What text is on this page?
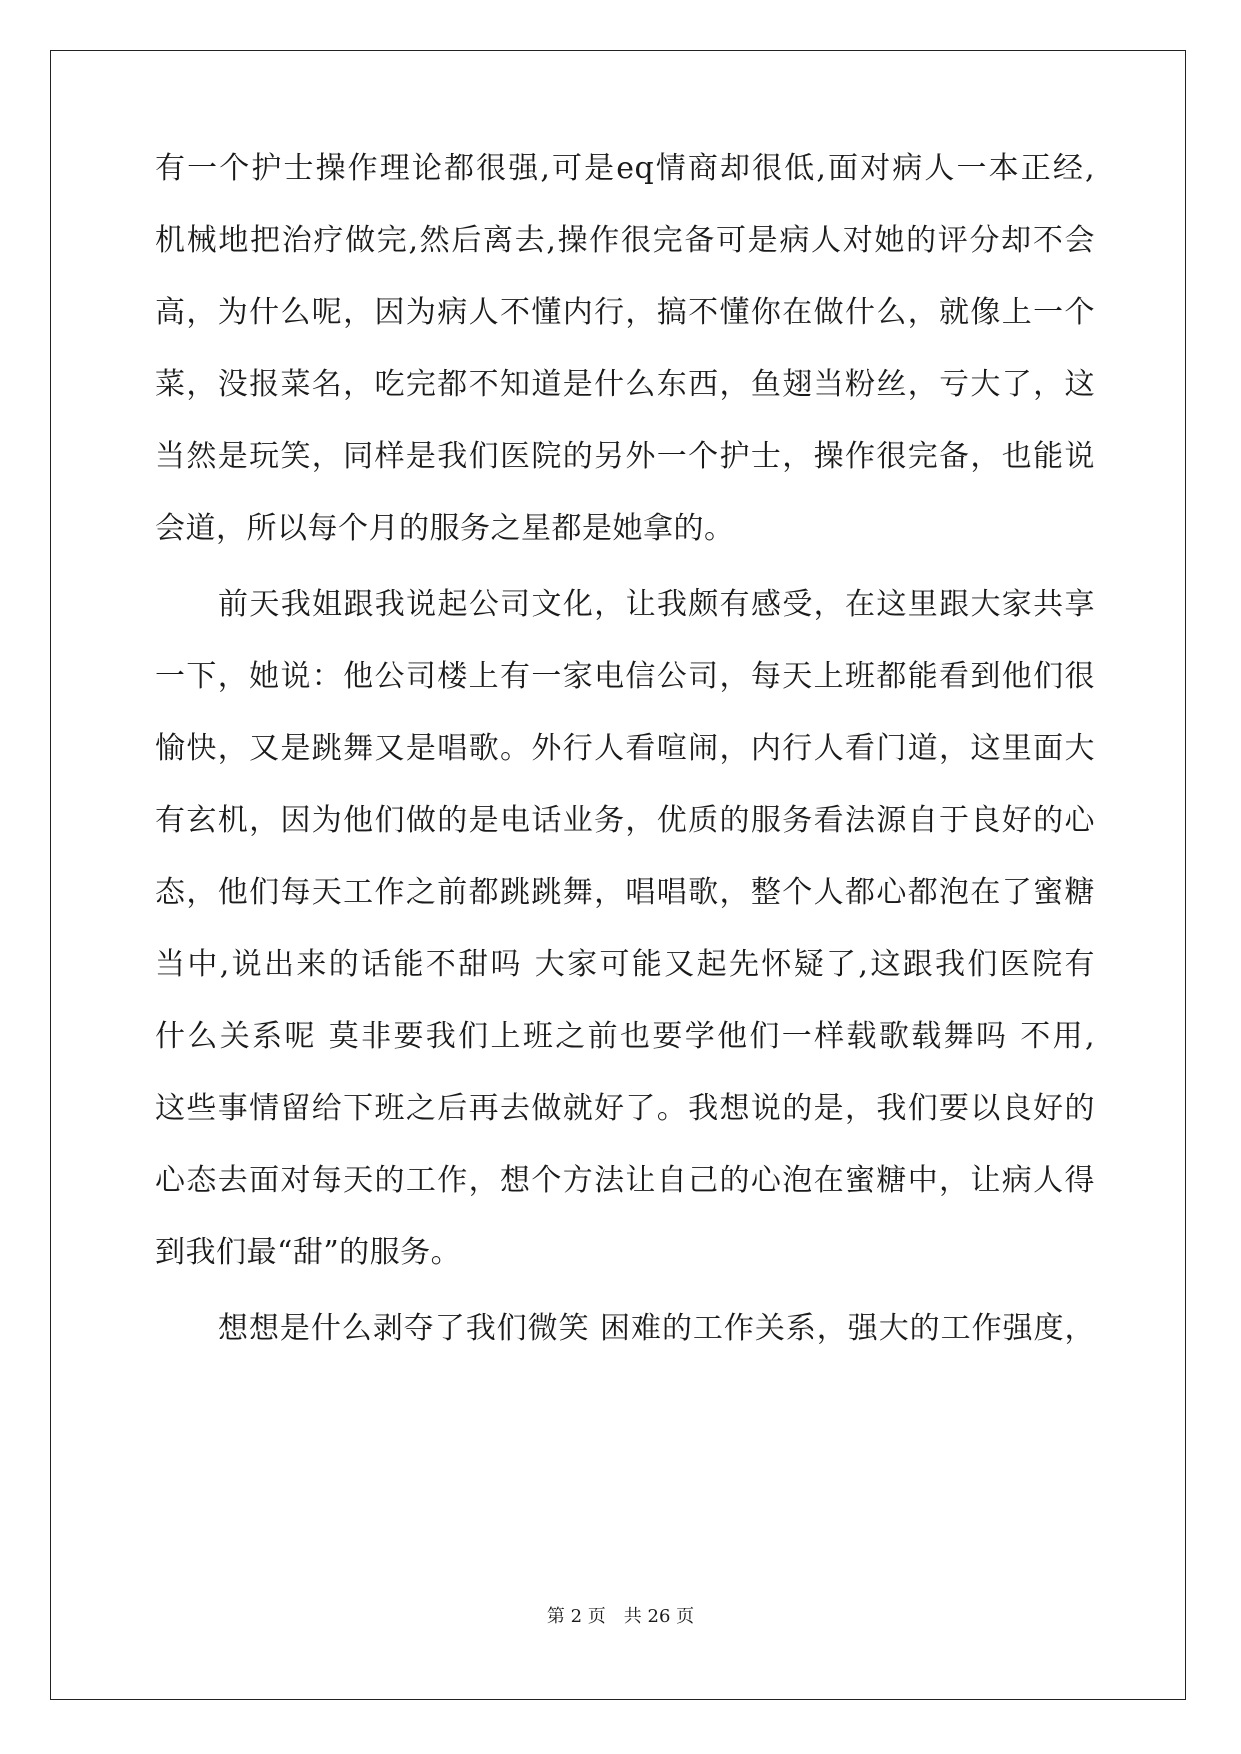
有一个护士操作理论都很强,可是eq情商却很低,面对病人一本正经,
机械地把治疗做完,然后离去,操作很完备可是病人对她的评分却不会
高，为什么呢，因为病人不懂内行，搞不懂你在做什么，就像上一个
菜，没报菜名，吃完都不知道是什么东西，鱼翅当粉丝，亏大了，这
当然是玩笑，同样是我们医院的另外一个护士，操作很完备，也能说
会道，所以每个月的服务之星都是她拿的。
前天我姐跟我说起公司文化，让我颇有感受，在这里跟大家共享
一下，她说：他公司楼上有一家电信公司，每天上班都能看到他们很
愉快，又是跳舞又是唱歌。外行人看喧闹，内行人看门道，这里面大
有玄机，因为他们做的是电话业务，优质的服务看法源自于良好的心
态，他们每天工作之前都跳跳舞，唱唱歌，整个人都心都泡在了蜜糖
当中,说出来的话能不甜吗 大家可能又起先怀疑了,这跟我们医院有
什么关系呢 莫非要我们上班之前也要学他们一样载歌载舞吗 不用,
这些事情留给下班之后再去做就好了。我想说的是，我们要以良好的
心态去面对每天的工作，想个方法让自己的心泡在蜜糖中，让病人得
到我们最“甜”的服务。
想想是什么剥夺了我们微笑 困难的工作关系，强大的工作强度，
第 2 页 共 26 页
